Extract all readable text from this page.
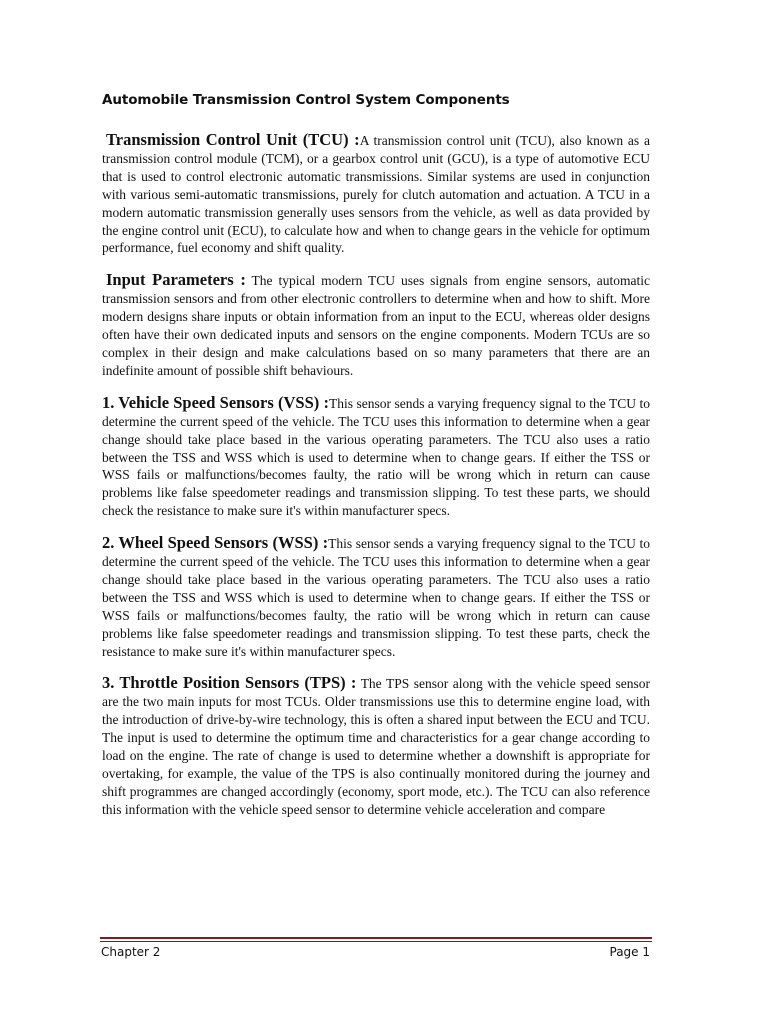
Automobile Transmission Control System Components

Transmission Control Unit (TCU) :A transmission control unit (TCU), also known as a transmission control module (TCM), or a gearbox control unit (GCU), is a type of automotive ECU that is used to control electronic automatic transmissions. Similar systems are used in conjunction with various semi-automatic transmissions, purely for clutch automation and actuation. A TCU in a modern automatic transmission generally uses sensors from the vehicle, as well as data provided by the engine control unit (ECU), to calculate how and when to change gears in the vehicle for optimum performance, fuel economy and shift quality.

Input Parameters : The typical modern TCU uses signals from engine sensors, automatic transmission sensors and from other electronic controllers to determine when and how to shift. More modern designs share inputs or obtain information from an input to the ECU, whereas older designs often have their own dedicated inputs and sensors on the engine components. Modern TCUs are so complex in their design and make calculations based on so many parameters that there are an indefinite amount of possible shift behaviours.

1. Vehicle Speed Sensors (VSS) :This sensor sends a varying frequency signal to the TCU to determine the current speed of the vehicle. The TCU uses this information to determine when a gear change should take place based in the various operating parameters. The TCU also uses a ratio between the TSS and WSS which is used to determine when to change gears. If either the TSS or WSS fails or malfunctions/becomes faulty, the ratio will be wrong which in return can cause problems like false speedometer readings and transmission slipping. To test these parts, we should check the resistance to make sure it's within manufacturer specs.

2. Wheel Speed Sensors (WSS) :This sensor sends a varying frequency signal to the TCU to determine the current speed of the vehicle. The TCU uses this information to determine when a gear change should take place based in the various operating parameters. The TCU also uses a ratio between the TSS and WSS which is used to determine when to change gears. If either the TSS or WSS fails or malfunctions/becomes faulty, the ratio will be wrong which in return can cause problems like false speedometer readings and transmission slipping. To test these parts, check the resistance to make sure it's within manufacturer specs.

3. Throttle Position Sensors (TPS) : The TPS sensor along with the vehicle speed sensor are the two main inputs for most TCUs. Older transmissions use this to determine engine load, with the introduction of drive-by-wire technology, this is often a shared input between the ECU and TCU. The input is used to determine the optimum time and characteristics for a gear change according to load on the engine. The rate of change is used to determine whether a downshift is appropriate for overtaking, for example, the value of the TPS is also continually monitored during the journey and shift programmes are changed accordingly (economy, sport mode, etc.). The TCU can also reference this information with the vehicle speed sensor to determine vehicle acceleration and compare

Chapter 2	Page 1
